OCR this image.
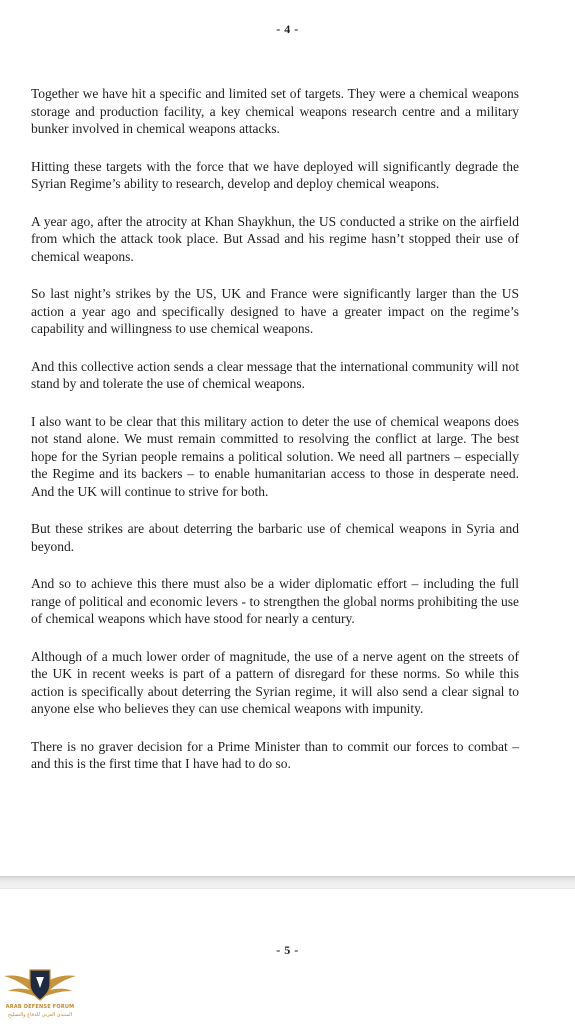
- 4 -

Together we have hit a specific and limited set of targets. They were a chemical weapons storage and production facility, a key chemical weapons research centre and a military bunker involved in chemical weapons attacks.

Hitting these targets with the force that we have deployed will significantly degrade the Syrian Regime’s ability to research, develop and deploy chemical weapons.

A year ago, after the atrocity at Khan Shaykhun, the US conducted a strike on the airfield from which the attack took place. But Assad and his regime hasn’t stopped their use of chemical weapons.

So last night’s strikes by the US, UK and France were significantly larger than the US action a year ago and specifically designed to have a greater impact on the regime’s capability and willingness to use chemical weapons.

And this collective action sends a clear message that the international community will not stand by and tolerate the use of chemical weapons.

I also want to be clear that this military action to deter the use of chemical weapons does not stand alone. We must remain committed to resolving the conflict at large. The best hope for the Syrian people remains a political solution. We need all partners – especially the Regime and its backers – to enable humanitarian access to those in desperate need. And the UK will continue to strive for both.

But these strikes are about deterring the barbaric use of chemical weapons in Syria and beyond.

And so to achieve this there must also be a wider diplomatic effort – including the full range of political and economic levers - to strengthen the global norms prohibiting the use of chemical weapons which have stood for nearly a century.

Although of a much lower order of magnitude, the use of a nerve agent on the streets of the UK in recent weeks is part of a pattern of disregard for these norms. So while this action is specifically about deterring the Syrian regime, it will also send a clear signal to anyone else who believes they can use chemical weapons with impunity.

There is no graver decision for a Prime Minister than to commit our forces to combat – and this is the first time that I have had to do so.

- 5 -
ARAB DEFENSE FORUM
المنتدى العربي للدفاع والتسليح
